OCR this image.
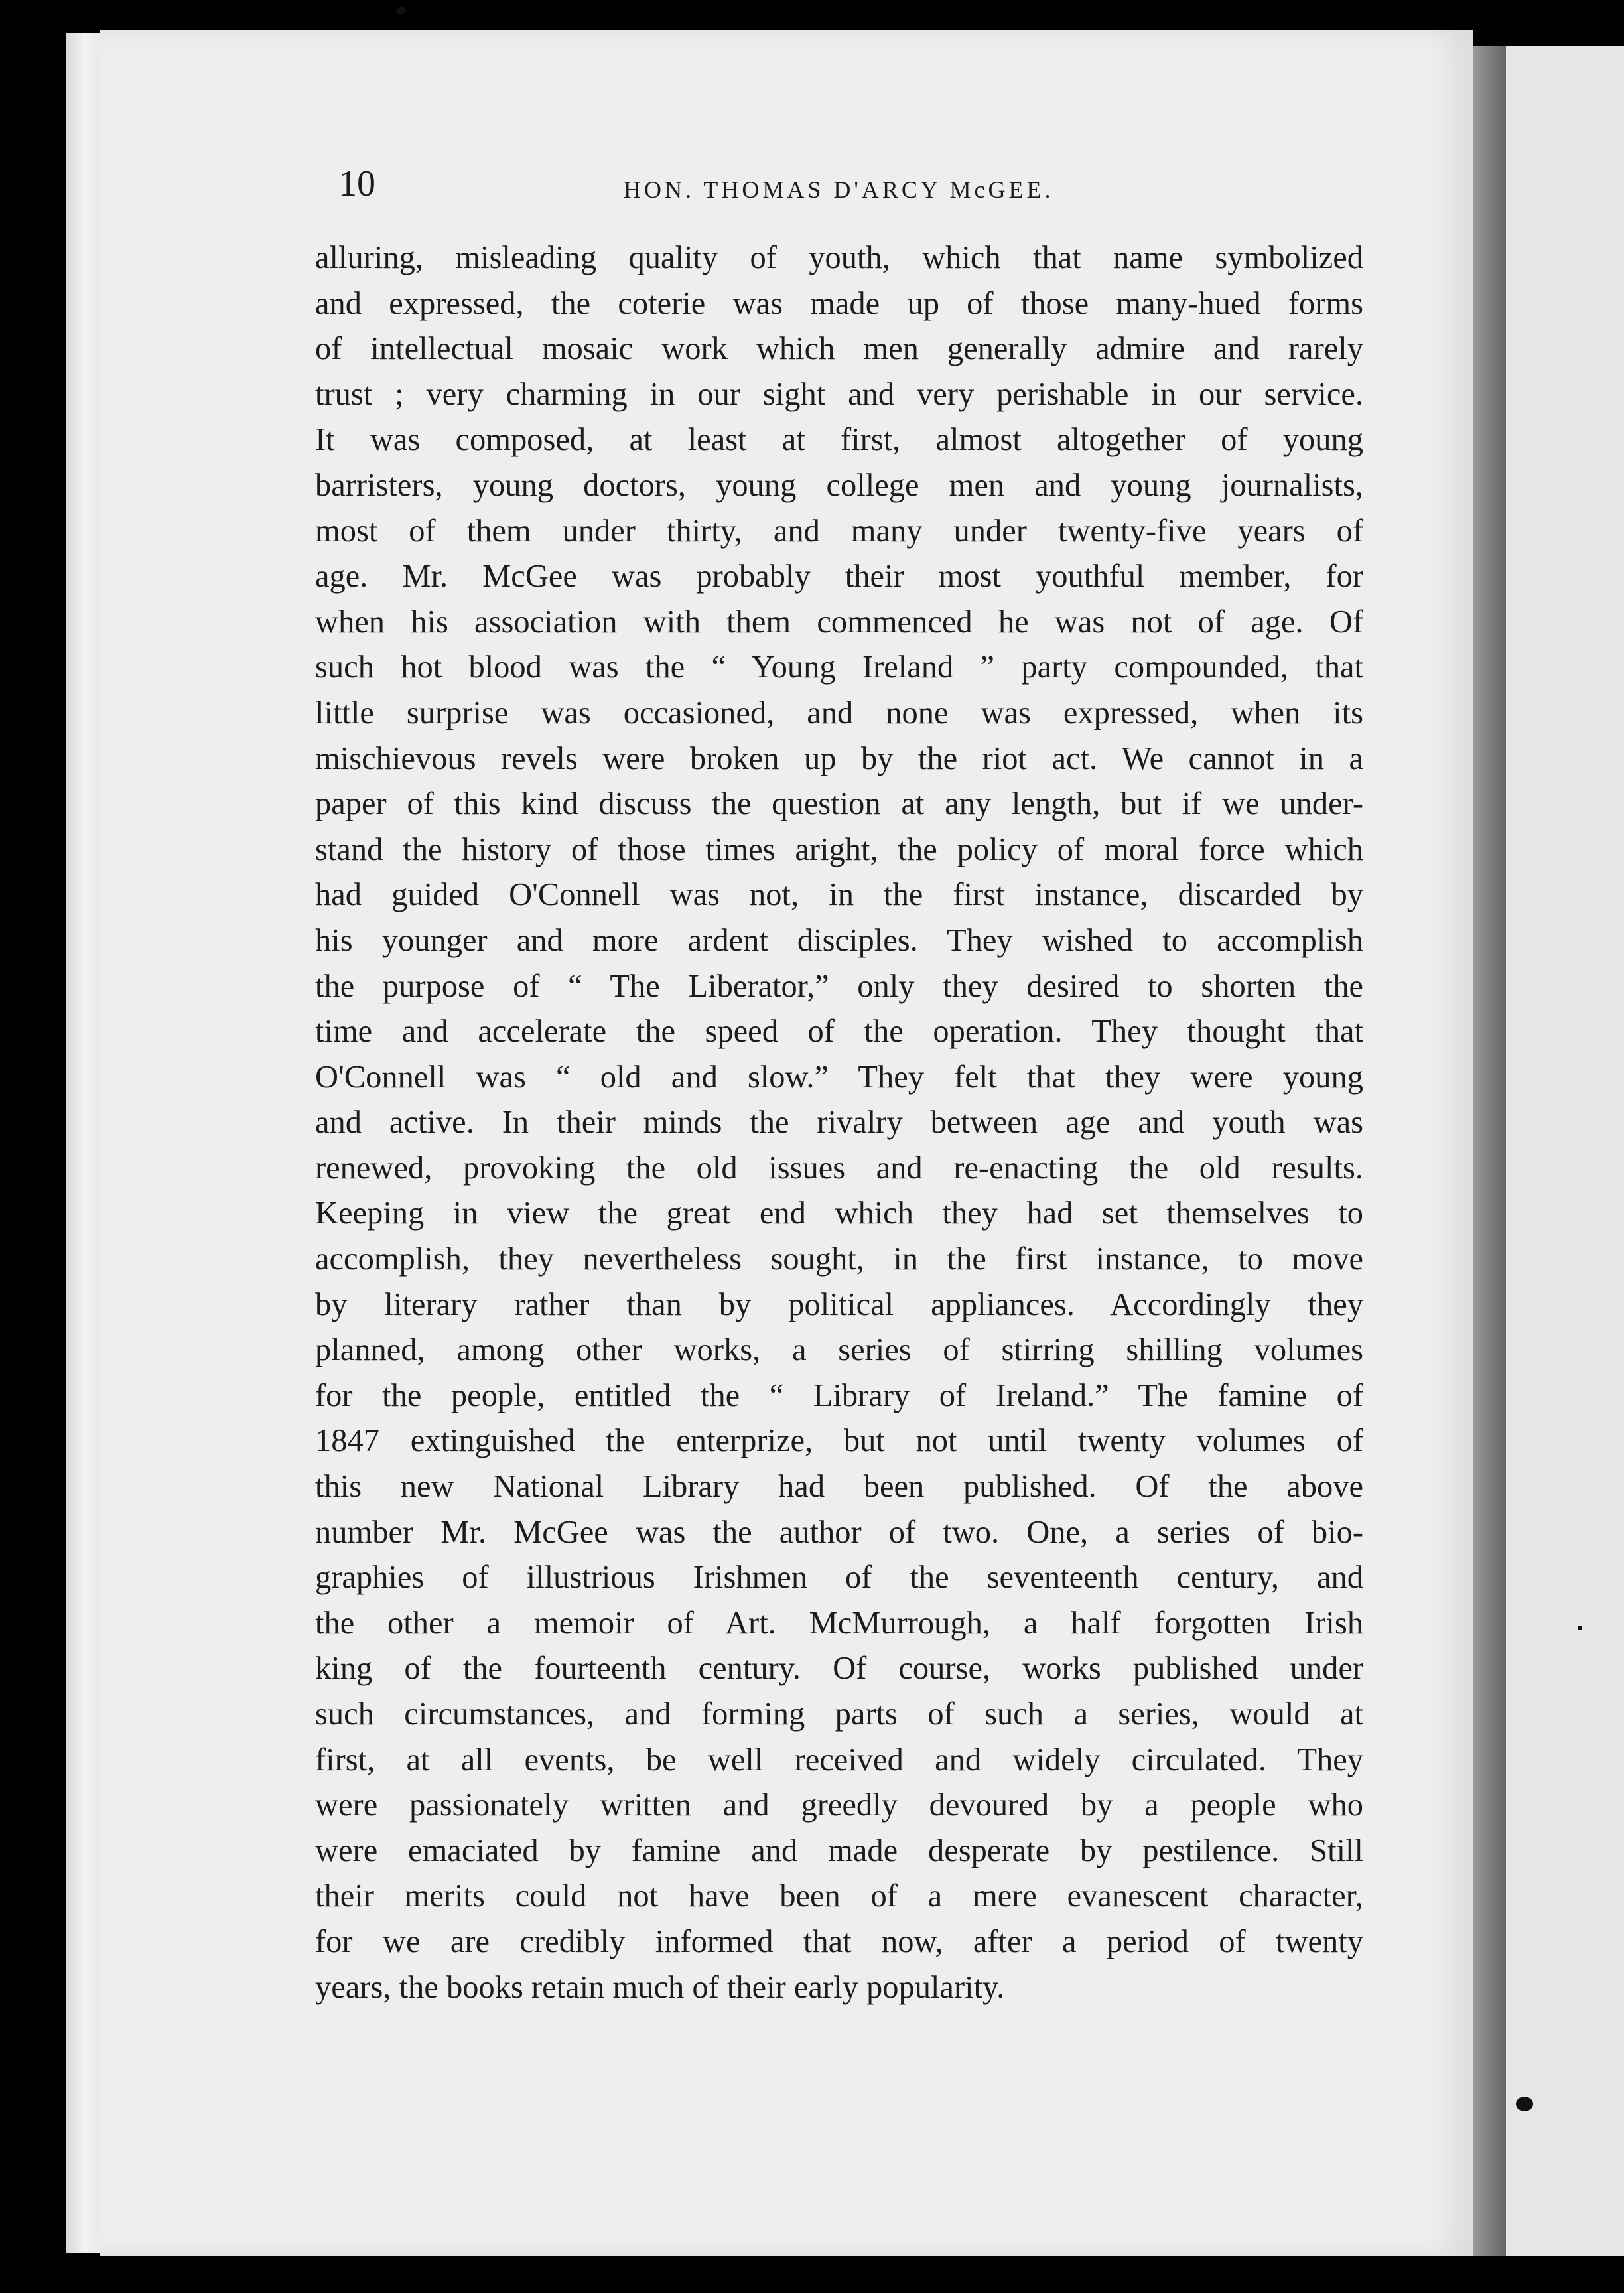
10	HON. THOMAS D'ARCY McGEE.
alluring, misleading quality of youth, which that name symbolized
and expressed, the coterie was made up of those many-hued forms
of intellectual mosaic work which men generally admire and rarely
trust ; very charming in our sight and very perishable in our service.
It was composed, at least at first, almost altogether of young
barristers, young doctors, young college men and young journalists,
most of them under thirty, and many under twenty-five years of
age. Mr. McGee was probably their most youthful member, for
when his association with them commenced he was not of age. Of
such hot blood was the “ Young Ireland ” party compounded, that
little surprise was occasioned, and none was expressed, when its
mischievous revels were broken up by the riot act. We cannot in a
paper of this kind discuss the question at any length, but if we under-
stand the history of those times aright, the policy of moral force which
had guided O'Connell was not, in the first instance, discarded by
his younger and more ardent disciples. They wished to accomplish
the purpose of “ The Liberator,” only they desired to shorten the
time and accelerate the speed of the operation. They thought that
O'Connell was “ old and slow.” They felt that they were young
and active. In their minds the rivalry between age and youth was
renewed, provoking the old issues and re-enacting the old results.
Keeping in view the great end which they had set themselves to
accomplish, they nevertheless sought, in the first instance, to move
by literary rather than by political appliances. Accordingly they
planned, among other works, a series of stirring shilling volumes
for the people, entitled the “ Library of Ireland.” The famine of
1847 extinguished the enterprize, but not until twenty volumes of
this new National Library had been published. Of the above
number Mr. McGee was the author of two. One, a series of bio-
graphies of illustrious Irishmen of the seventeenth century, and
the other a memoir of Art. McMurrough, a half forgotten Irish
king of the fourteenth century. Of course, works published under
such circumstances, and forming parts of such a series, would at
first, at all events, be well received and widely circulated. They
were passionately written and greedly devoured by a people who
were emaciated by famine and made desperate by pestilence. Still
their merits could not have been of a mere evanescent character,
for we are credibly informed that now, after a period of twenty
years, the books retain much of their early popularity.
